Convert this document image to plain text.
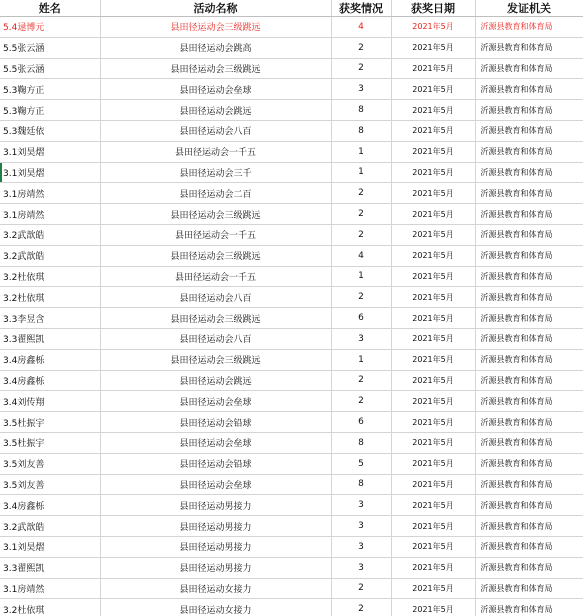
姓名	活动名称	获奖情况	获奖日期	发证机关
5.4逯博元	县田径运动会三级跳远	4	2021年5月	沂源县教育和体育局
5.5张云涵	县田径运动会跳高	2	2021年5月	沂源县教育和体育局
5.5张云涵	县田径运动会三级跳远	2	2021年5月	沂源县教育和体育局
5.3鞠方正	县田径运动会垒球	3	2021年5月	沂源县教育和体育局
5.3鞠方正	县田径运动会跳远	8	2021年5月	沂源县教育和体育局
5.3魏廷依	县田径运动会八百	8	2021年5月	沂源县教育和体育局
3.1刘昊熠	县田径运动会一千五	1	2021年5月	沂源县教育和体育局
3.1刘昊熠	县田径运动会三千	1	2021年5月	沂源县教育和体育局
3.1房靖然	县田径运动会二百	2	2021年5月	沂源县教育和体育局
3.1房靖然	县田径运动会三级跳远	2	2021年5月	沂源县教育和体育局
3.2武歆皓	县田径运动会一千五	2	2021年5月	沂源县教育和体育局
3.2武歆皓	县田径运动会三级跳远	4	2021年5月	沂源县教育和体育局
3.2杜依琪	县田径运动会一千五	1	2021年5月	沂源县教育和体育局
3.2杜依琪	县田径运动会八百	2	2021年5月	沂源县教育和体育局
3.3李昱含	县田径运动会三级跳远	6	2021年5月	沂源县教育和体育局
3.3翟熙凯	县田径运动会八百	3	2021年5月	沂源县教育和体育局
3.4房鑫栎	县田径运动会三级跳远	1	2021年5月	沂源县教育和体育局
3.4房鑫栎	县田径运动会跳远	2	2021年5月	沂源县教育和体育局
3.4刘传翔	县田径运动会垒球	2	2021年5月	沂源县教育和体育局
3.5杜振宇	县田径运动会铅球	6	2021年5月	沂源县教育和体育局
3.5杜振宇	县田径运动会垒球	8	2021年5月	沂源县教育和体育局
3.5刘友善	县田径运动会铅球	5	2021年5月	沂源县教育和体育局
3.5刘友善	县田径运动会垒球	8	2021年5月	沂源县教育和体育局
3.4房鑫栎	县田径运动男接力	3	2021年5月	沂源县教育和体育局
3.2武歆皓	县田径运动男接力	3	2021年5月	沂源县教育和体育局
3.1刘昊熠	县田径运动男接力	3	2021年5月	沂源县教育和体育局
3.3翟熙凯	县田径运动男接力	3	2021年5月	沂源县教育和体育局
3.1房靖然	县田径运动女接力	2	2021年5月	沂源县教育和体育局
3.2杜依琪	县田径运动女接力	2	2021年5月	沂源县教育和体育局
